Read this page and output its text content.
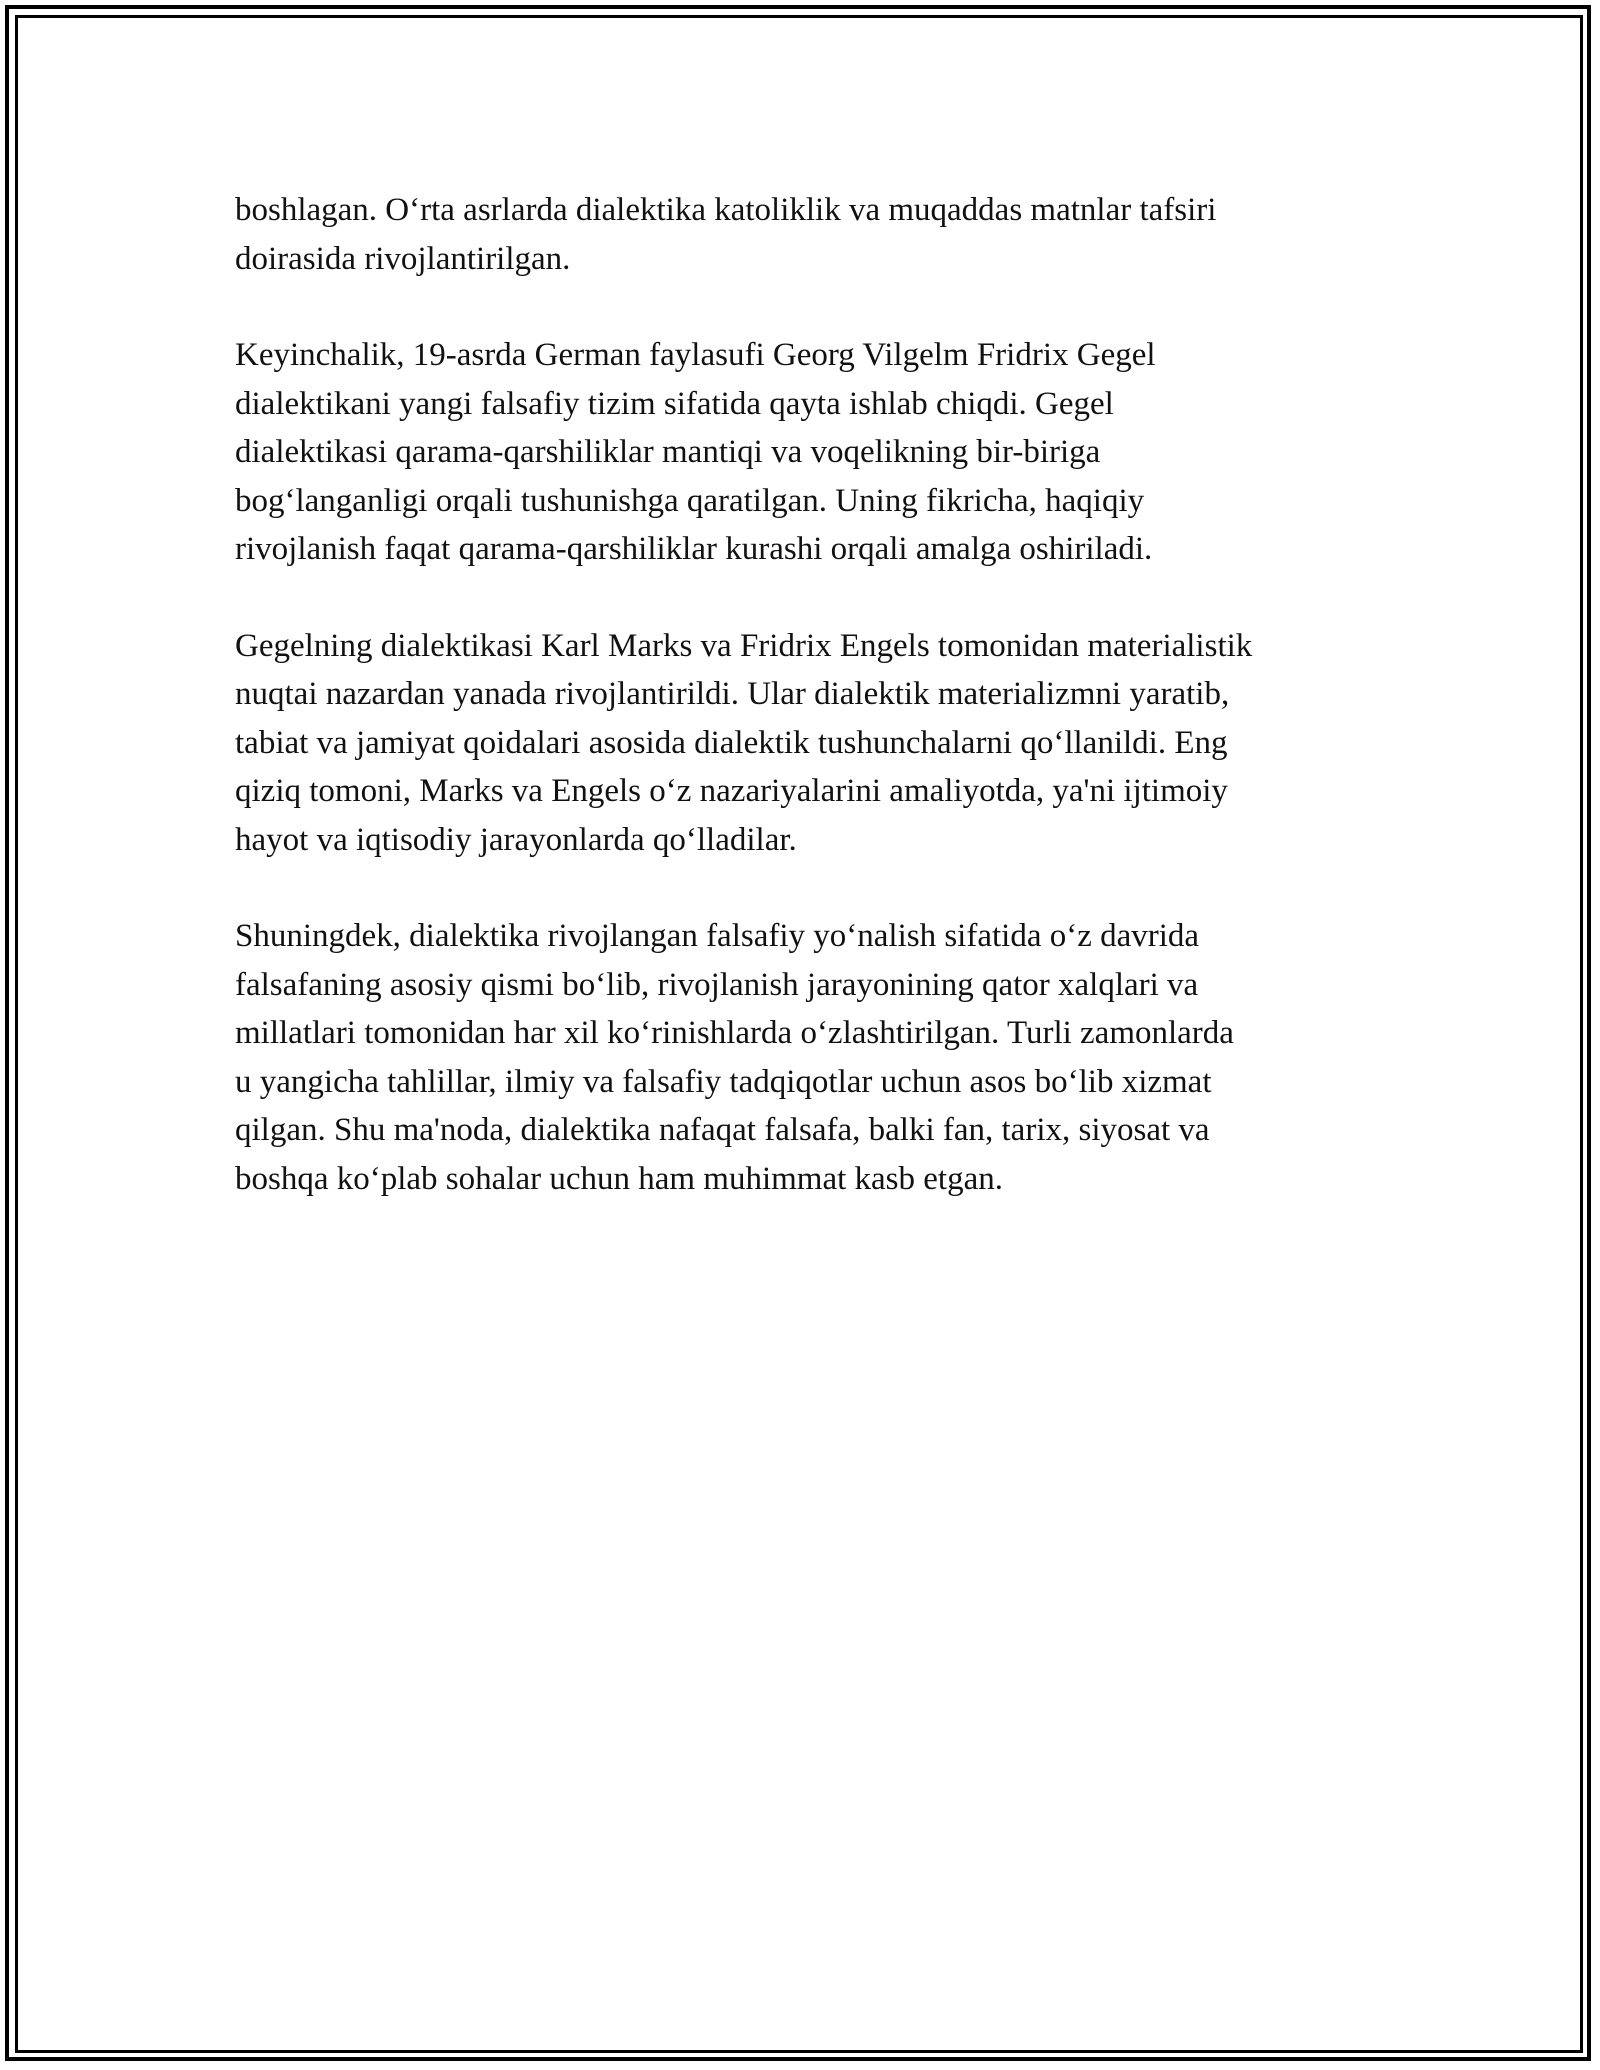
boshlagan. O‘rta asrlarda dialektika katoliklik va muqaddas matnlar tafsiri
doirasida rivojlantirilgan.

Keyinchalik, 19-asrda German faylasufi Georg Vilgelm Fridrix Gegel
dialektikani yangi falsafiy tizim sifatida qayta ishlab chiqdi. Gegel
dialektikasi qarama-qarshiliklar mantiqi va voqelikning bir-biriga
bog‘langanligi orqali tushunishga qaratilgan. Uning fikricha, haqiqiy
rivojlanish faqat qarama-qarshiliklar kurashi orqali amalga oshiriladi.

Gegelning dialektikasi Karl Marks va Fridrix Engels tomonidan materialistik
nuqtai nazardan yanada rivojlantirildi. Ular dialektik materializmni yaratib,
tabiat va jamiyat qoidalari asosida dialektik tushunchalarni qo‘llanildi. Eng
qiziq tomoni, Marks va Engels o‘z nazariyalarini amaliyotda, ya'ni ijtimoiy
hayot va iqtisodiy jarayonlarda qo‘lladilar.

Shuningdek, dialektika rivojlangan falsafiy yo‘nalish sifatida o‘z davrida
falsafaning asosiy qismi bo‘lib, rivojlanish jarayonining qator xalqlari va
millatlari tomonidan har xil ko‘rinishlarda o‘zlashtirilgan. Turli zamonlarda
u yangicha tahlillar, ilmiy va falsafiy tadqiqotlar uchun asos bo‘lib xizmat
qilgan. Shu ma'noda, dialektika nafaqat falsafa, balki fan, tarix, siyosat va
boshqa ko‘plab sohalar uchun ham muhimmat kasb etgan.
